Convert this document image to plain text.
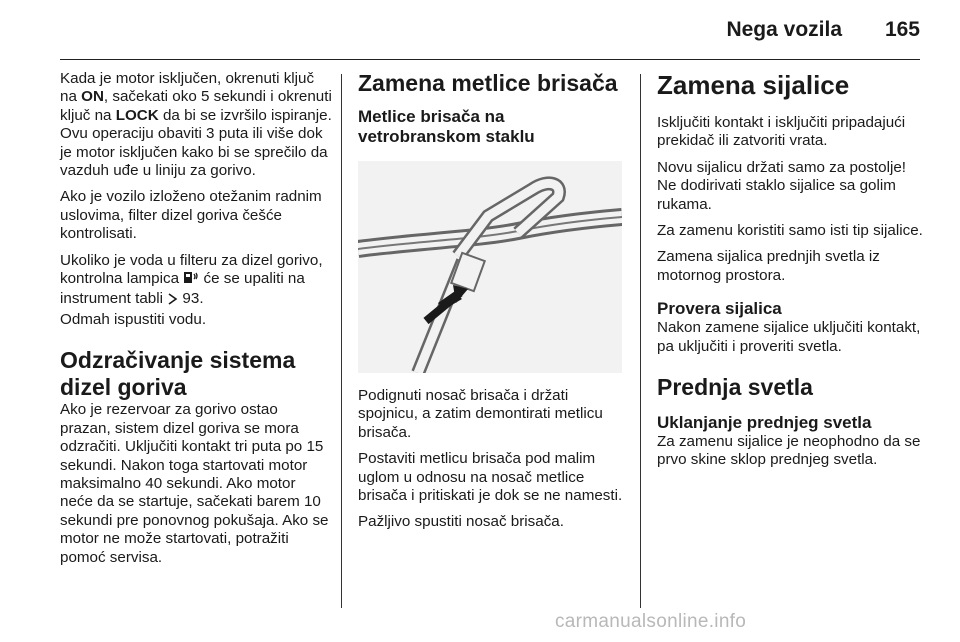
Nega vozila 165

Kada je motor isključen, okrenuti ključ na ON, sačekati oko 5 sekundi i okrenuti ključ na LOCK da bi se izvršilo ispiranje. Ovu operaciju obaviti 3 puta ili više dok je motor isključen kako bi se sprečilo da vazduh uđe u liniju za gorivo.

Ako je vozilo izloženo otežanim radnim uslovima, filter dizel goriva češće kontrolisati.

Ukoliko je voda u filteru za dizel gorivo, kontrolna lampica  će se upaliti na instrument tabli  93.

Odmah ispustiti vodu.

Odzračivanje sistema dizel goriva

Ako je rezervoar za gorivo ostao prazan, sistem dizel goriva se mora odzračiti. Uključiti kontakt tri puta po 15 sekundi. Nakon toga startovati motor maksimalno 40 sekundi. Ako motor neće da se startuje, sačekati barem 10 sekundi pre ponovnog pokušaja. Ako se motor ne može startovati, potražiti pomoć servisa.

Zamena metlice brisača
Metlice brisača na vetrobranskom staklu

Podignuti nosač brisača i držati spojnicu, a zatim demontirati metlicu brisača.

Postaviti metlicu brisača pod malim uglom u odnosu na nosač metlice brisača i pritiskati je dok se ne namesti.

Pažljivo spustiti nosač brisača.

Zamena sijalice

Isključiti kontakt i isključiti pripadajući prekidač ili zatvoriti vrata.

Novu sijalicu držati samo za postolje! Ne dodirivati staklo sijalice sa golim rukama.

Za zamenu koristiti samo isti tip sijalice.

Zamena sijalica prednjih svetla iz motornog prostora.

Provera sijalica

Nakon zamene sijalice uključiti kontakt, pa uključiti i proveriti svetla.

Prednja svetla
Uklanjanje prednjeg svetla

Za zamenu sijalice je neophodno da se prvo skine sklop prednjeg svetla.

carmanualsonline.info
